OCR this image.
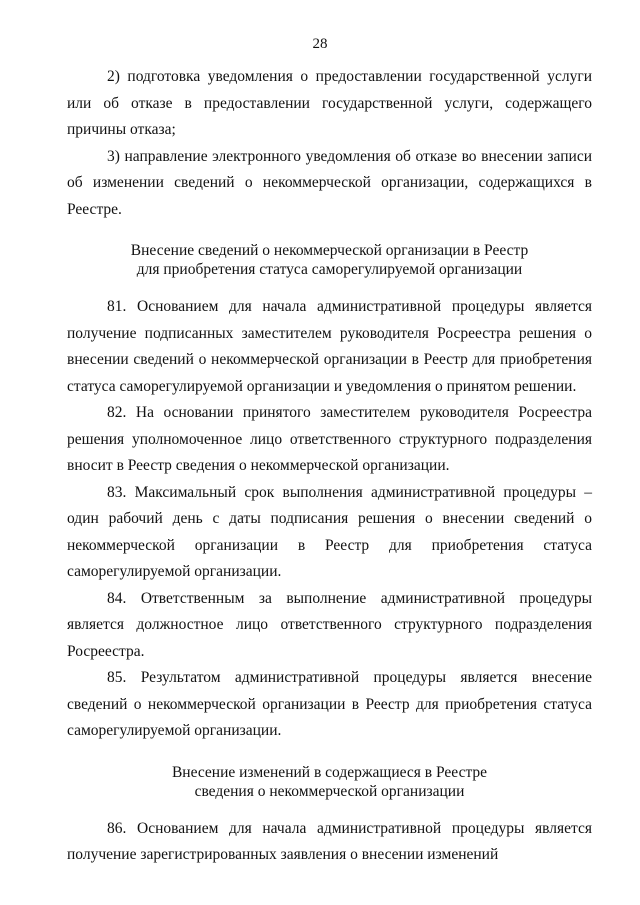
28

2) подготовка уведомления о предоставлении государственной услуги или об отказе в предоставлении государственной услуги, содержащего причины отказа;

3) направление электронного уведомления об отказе во внесении записи об изменении сведений о некоммерческой организации, содержащихся в Реестре.

Внесение сведений о некоммерческой организации в Реестр

для приобретения статуса саморегулируемой организации

81. Основанием для начала административной процедуры является получение подписанных заместителем руководителя Росреестра решения о внесении сведений о некоммерческой организации в Реестр для приобретения статуса саморегулируемой организации и уведомления о принятом решении.

82. На основании принятого заместителем руководителя Росреестра решения уполномоченное лицо ответственного структурного подразделения вносит в Реестр сведения о некоммерческой организации.

83. Максимальный срок выполнения административной процедуры – один рабочий день с даты подписания решения о внесении сведений о некоммерческой организации в Реестр для приобретения статуса саморегулируемой организации.

84. Ответственным за выполнение административной процедуры является должностное лицо ответственного структурного подразделения Росреестра.

85. Результатом административной процедуры является внесение сведений о некоммерческой организации в Реестр для приобретения статуса саморегулируемой организации.

Внесение изменений в содержащиеся в Реестре

сведения о некоммерческой организации

86. Основанием для начала административной процедуры является получение зарегистрированных заявления о внесении изменений
